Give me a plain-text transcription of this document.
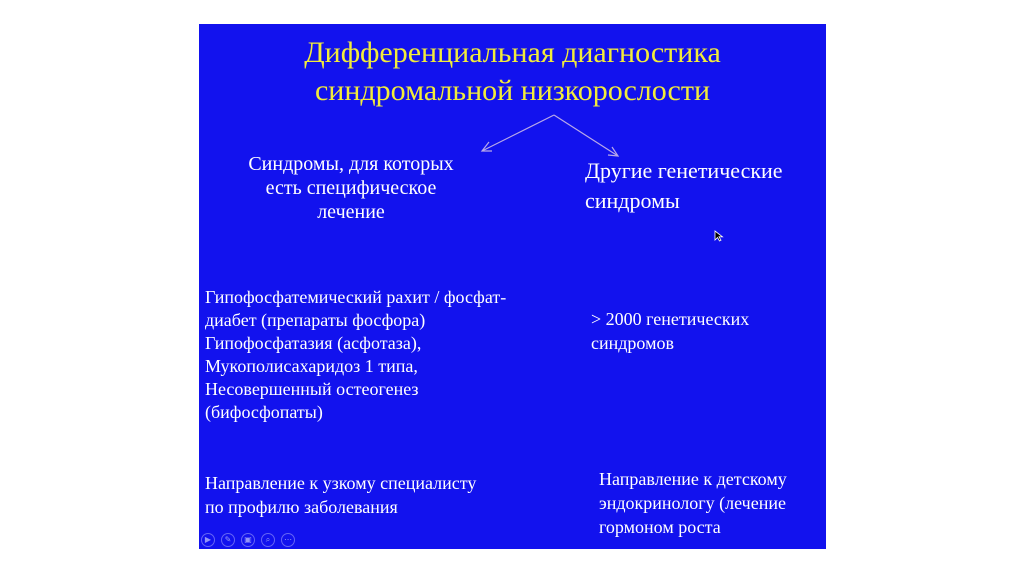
Дифференциальная диагностика
синдромальной низкорослости
Синдромы, для которых
есть специфическое
лечение
Другие генетические
синдромы
Гипофосфатемический рахит / фосфат-
диабет (препараты фосфора)
Гипофосфатазия (асфотаза),
Мукополисахаридоз 1 типа,
Несовершенный остеогенез
(бифосфопаты)
> 2000 генетических
синдромов
Направление к узкому специалисту
по профилю заболевания
Направление к детскому
эндокринологу (лечение
гормоном роста
▶	✎	▣	⌕	⋯
